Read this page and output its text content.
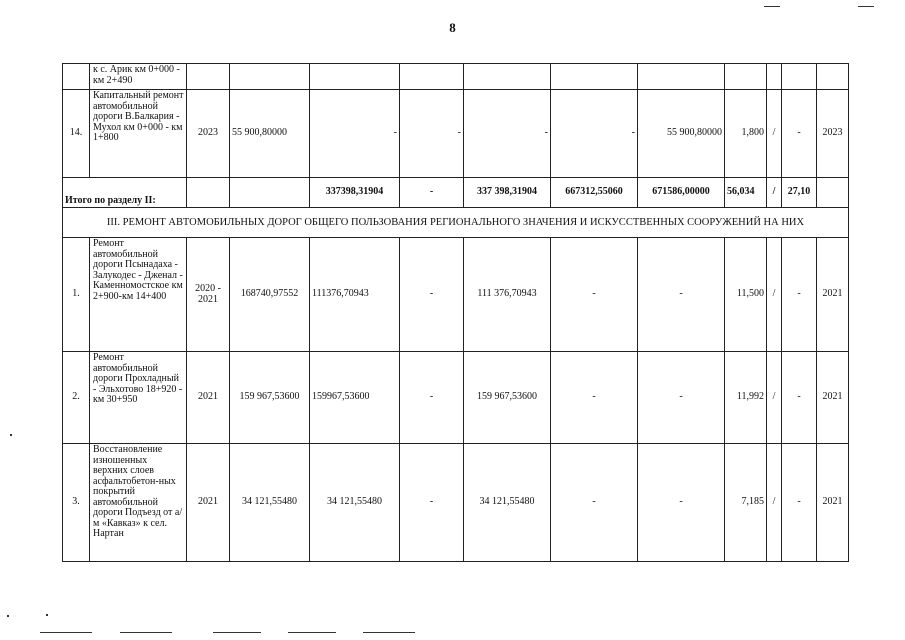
8
	к с. Арик км 0+000 - км 2+490											
14.	Капитальный ремонт автомобильной дороги В.Балкария - Мухол км 0+000 - км 1+800	2023	55 900,80000	-	-	-	-	55 900,80000	1,800	/	-	2023
Итого по разделу II:				337398,31904	-	337 398,31904	667312,55060	671586,00000	56,034	/	27,10	
III. РЕМОНТ АВТОМОБИЛЬНЫХ ДОРОГ ОБЩЕГО ПОЛЬЗОВАНИЯ РЕГИОНАЛЬНОГО ЗНАЧЕНИЯ И ИСКУССТВЕННЫХ СООРУЖЕНИЙ НА НИХ												
1.	Ремонт автомобильной дороги Псынадаха - Залукодес - Дженал - Каменномостское км 2+900-км 14+400	2020 - 2021	168740,97552	111376,70943	-	111 376,70943	-	-	11,500	/	-	2021
2.	Ремонт автомобильной дороги Прохладный - Эльхотово 18+920 - км 30+950	2021	159 967,53600	159967,53600	-	159 967,53600	-	-	11,992	/	-	2021
3.	Восстановление изношенных верхних слоев асфальтобетон-ных покрытий автомобильной дороги Подъезд от а/м «Кавказ» к сел. Нартан	2021	34 121,55480	34 121,55480	-	34 121,55480	-	-	7,185	/	-	2021
